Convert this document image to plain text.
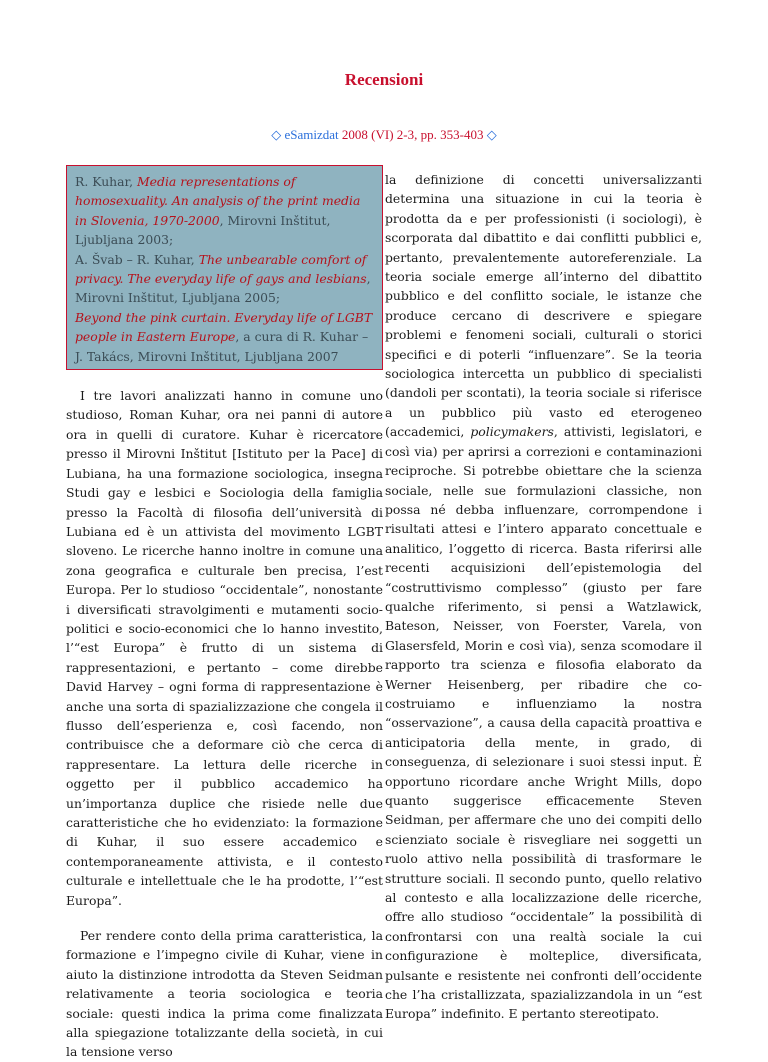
Recensioni
◇ eSamizdat 2008 (VI) 2-3, pp. 353-403 ◇

R. Kuhar, Media representations of homosexuality. An analysis of the print media in Slovenia, 1970-2000, Mirovni Inštitut, Ljubljana 2003;

A. Švab – R. Kuhar, The unbearable comfort of privacy. The everyday life of gays and lesbians, Mirovni Inštitut, Ljubljana 2005;

Beyond the pink curtain. Everyday life of LGBT people in Eastern Europe, a cura di R. Kuhar – J. Takács, Mirovni Inštitut, Ljubljana 2007

I tre lavori analizzati hanno in comune uno studioso, Roman Kuhar, ora nei panni di autore ora in quelli di curatore. Kuhar è ricercatore presso il Mirovni Inštitut [Istituto per la Pace] di Lubiana, ha una formazione sociologica, insegna Studi gay e lesbici e Sociologia della famiglia presso la Facoltà di filosofia dell’università di Lubiana ed è un attivista del movimento LGBT sloveno. Le ricerche hanno inoltre in comune una zona geografica e culturale ben precisa, l’est Europa. Per lo studioso “occidentale”, nonostante i diversificati stravolgimenti e mutamenti socio-politici e socio-economici che lo hanno investito, l’“est Europa” è frutto di un sistema di rappresentazioni, e pertanto – come direbbe David Harvey – ogni forma di rappresentazione è anche una sorta di spazializzazione che congela il flusso dell’esperienza e, così facendo, non contribuisce che a deformare ciò che cerca di rappresentare. La lettura delle ricerche in oggetto per il pubblico accademico ha un’importanza duplice che risiede nelle due caratteristiche che ho evidenziato: la formazione di Kuhar, il suo essere accademico e contemporaneamente attivista, e il contesto culturale e intellettuale che le ha prodotte, l’“est Europa”.

Per rendere conto della prima caratteristica, la formazione e l’impegno civile di Kuhar, viene in aiuto la distinzione introdotta da Steven Seidman relativamente a teoria sociologica e teoria sociale: questi indica la prima come finalizzata alla spiegazione totalizzante della società, in cui la tensione verso

la definizione di concetti universalizzanti determina una situazione in cui la teoria è prodotta da e per professionisti (i sociologi), è scorporata dal dibattito e dai conflitti pubblici e, pertanto, prevalentemente autoreferenziale. La teoria sociale emerge all’interno del dibattito pubblico e del conflitto sociale, le istanze che produce cercano di descrivere e spiegare problemi e fenomeni sociali, culturali o storici specifici e di poterli “influenzare”. Se la teoria sociologica intercetta un pubblico di specialisti (dandoli per scontati), la teoria sociale si riferisce a un pubblico più vasto ed eterogeneo (accademici, policymakers, attivisti, legislatori, e così via) per aprirsi a correzioni e contaminazioni reciproche. Si potrebbe obiettare che la scienza sociale, nelle sue formulazioni classiche, non possa né debba influenzare, corrompendone i risultati attesi e l’intero apparato concettuale e analitico, l’oggetto di ricerca. Basta riferirsi alle recenti acquisizioni dell’epistemologia del “costruttivismo complesso” (giusto per fare qualche riferimento, si pensi a Watzlawick, Bateson, Neisser, von Foerster, Varela, von Glasersfeld, Morin e così via), senza scomodare il rapporto tra scienza e filosofia elaborato da Werner Heisenberg, per ribadire che co-costruiamo e influenziamo la nostra “osservazione”, a causa della capacità proattiva e anticipatoria della mente, in grado, di conseguenza, di selezionare i suoi stessi input. È opportuno ricordare anche Wright Mills, dopo quanto suggerisce efficacemente Steven Seidman, per affermare che uno dei compiti dello scienziato sociale è risvegliare nei soggetti un ruolo attivo nella possibilità di trasformare le strutture sociali. Il secondo punto, quello relativo al contesto e alla localizzazione delle ricerche, offre allo studioso “occidentale” la possibilità di confrontarsi con una realtà sociale la cui configurazione è molteplice, diversificata, pulsante e resistente nei confronti dell’occidente che l’ha cristallizzata, spazializzandola in un “est Europa” indefinito. E pertanto stereotipato.
